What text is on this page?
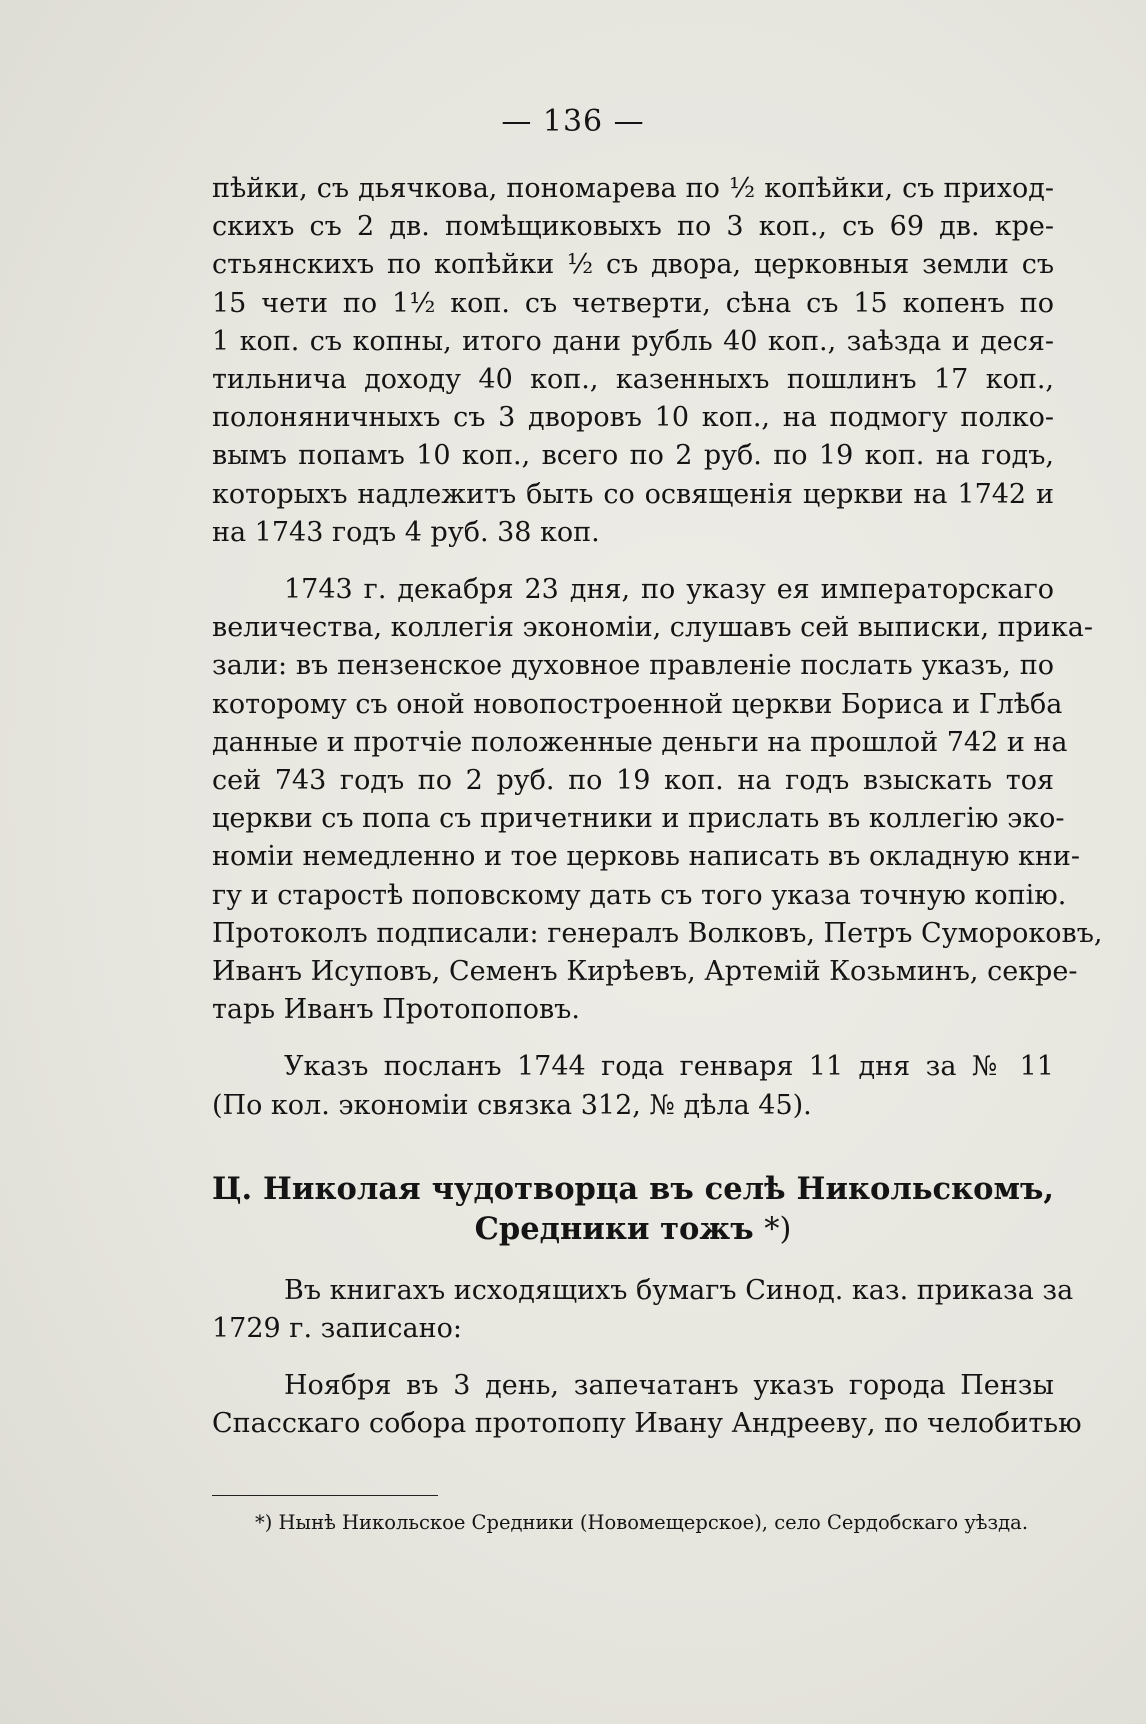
— 136 —
пѣйки, съ дьячкова, пономарева по ½ копѣйки, съ приход-
скихъ съ 2 дв. помѣщиковыхъ по 3 коп., съ 69 дв. кре-
стьянскихъ по копѣйки ½ съ двора, церковныя земли съ
15 чети по 1½ коп. съ четверти, сѣна съ 15 копенъ по
1 коп. съ копны, итого дани рубль 40 коп., заѣзда и деся-
тильнича доходу 40 коп., казенныхъ пошлинъ 17 коп.,
полоняничныхъ съ 3 дворовъ 10 коп., на подмогу полко-
вымъ попамъ 10 коп., всего по 2 руб. по 19 коп. на годъ,
которыхъ надлежитъ быть со освященія церкви на 1742 и
на 1743 годъ 4 руб. 38 коп.
1743 г. декабря 23 дня, по указу ея императорскаго
величества, коллегія экономіи, слушавъ сей выписки, прика-
зали: въ пензенское духовное правленіе послать указъ, по
которому съ оной новопостроенной церкви Бориса и Глѣба
данные и протчіе положенные деньги на прошлой 742 и на
сей 743 годъ по 2 руб. по 19 коп. на годъ взыскать тоя
церкви съ попа съ причетники и прислать въ коллегію эко-
номіи немедленно и тое церковь написать въ окладную кни-
гу и старостѣ поповскому дать съ того указа точную копію.
Протоколъ подписали: генералъ Волковъ, Петръ Сумороковъ,
Иванъ Исуповъ, Семенъ Кирѣевъ, Артемій Козьминъ, секре-
тарь Иванъ Протопоповъ.
Указъ посланъ 1744 года генваря 11 дня за № 11
(По кол. экономіи связка 312, № дѣла 45).
Ц. Николая чудотворца въ селѣ Никольскомъ,
Средники тожъ *)
Въ книгахъ исходящихъ бумагъ Синод. каз. приказа за
1729 г. записано:
Ноября въ 3 день, запечатанъ указъ города Пензы
Спасскаго собора протопопу Ивану Андрееву, по челобитью
*) Нынѣ Никольское Средники (Новомещерское), село Сердобскаго уѣзда.
